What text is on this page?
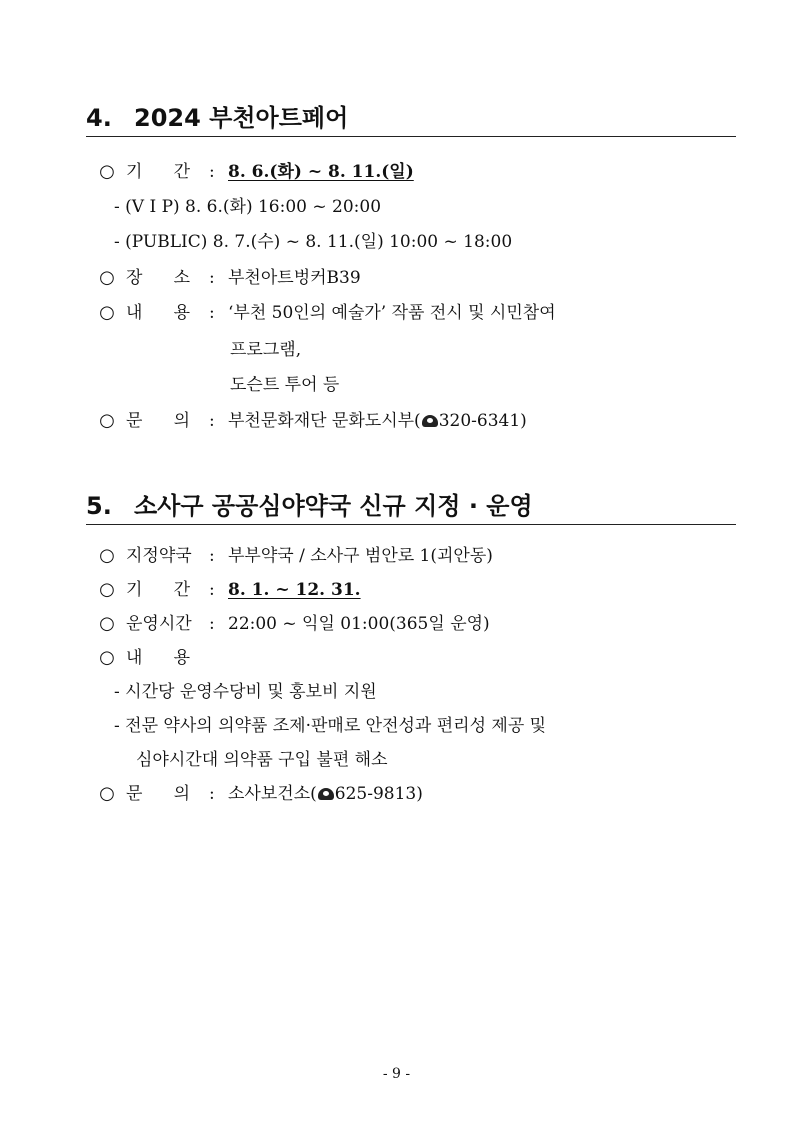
4. 2024 부천아트페어
○ 기 간 : 8. 6.(화) ~ 8. 11.(일)
- (V I P) 8. 6.(화) 16:00 ~ 20:00
- (PUBLIC) 8. 7.(수) ~ 8. 11.(일) 10:00 ~ 18:00
○ 장 소 : 부천아트벙커B39
○ 내 용 : ‘부천 50인의 예술가’ 작품 전시 및 시민참여
프로그램,
도슨트 투어 등
○ 문 의 : 부천문화재단 문화도시부( 320-6341)
5. 소사구 공공심야약국 신규 지정 · 운영
○ 지정약국 : 부부약국 / 소사구 범안로 1(괴안동)
○ 기 간 : 8. 1. ~ 12. 31.
○ 운영시간 : 22:00 ~ 익일 01:00(365일 운영)
○ 내 용
- 시간당 운영수당비 및 홍보비 지원
- 전문 약사의 의약품 조제·판매로 안전성과 편리성 제공 및
심야시간대 의약품 구입 불편 해소
○ 문 의 : 소사보건소( 625-9813)
- 9 -
